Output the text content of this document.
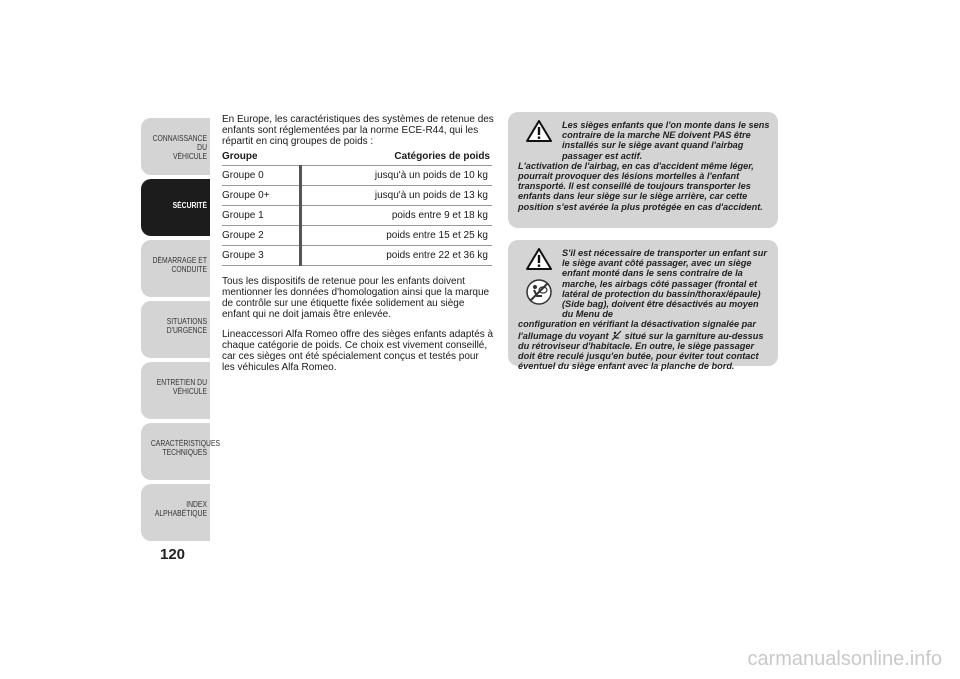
CONNAISSANCE DU
VÉHICULE
SÉCURITÉ
DÉMARRAGE ET
CONDUITE
SITUATIONS
D'URGENCE
ENTRETIEN DU
VÉHICULE
CARACTÉRISTIQUES
TECHNIQUES
INDEX
ALPHABÉTIQUE
120

En Europe, les caractéristiques des systèmes de retenue des enfants sont réglementées par la norme ECE-R44, qui les répartit en cinq groupes de poids :

Groupe	Catégories de poids
Groupe 0	jusqu'à un poids de 10 kg
Groupe 0+	jusqu'à un poids de 13 kg
Groupe 1	poids entre 9 et 18 kg
Groupe 2	poids entre 15 et 25 kg
Groupe 3	poids entre 22 et 36 kg

Tous les dispositifs de retenue pour les enfants doivent mentionner les données d'homologation ainsi que la marque de contrôle sur une étiquette fixée solidement au siège enfant qui ne doit jamais être enlevée.

Lineaccessori Alfa Romeo offre des sièges enfants adaptés à chaque catégorie de poids. Ce choix est vivement conseillé, car ces sièges ont été spécialement conçus et testés pour les véhicules Alfa Romeo.

Les sièges enfants que l'on monte dans le sens contraire de la marche NE doivent PAS être installés sur le siège avant quand l'airbag passager est actif.
L'activation de l'airbag, en cas d'accident même léger, pourrait provoquer des lésions mortelles à l'enfant transporté. Il est conseillé de toujours transporter les enfants dans leur siège sur le siège arrière, car cette position s'est avérée la plus protégée en cas d'accident.
S'il est nécessaire de transporter un enfant sur le siège avant côté passager, avec un siège enfant monté dans le sens contraire de la marche, les airbags côté passager (frontal et latéral de protection du bassin/thorax/épaule) (Side bag), doivent être désactivés au moyen du Menu de
configuration en vérifiant la désactivation signalée par l'allumage du voyant  situé sur la garniture au-dessus du rétroviseur d'habitacle. En outre, le siège passager doit être reculé jusqu'en butée, pour éviter tout contact éventuel du siège enfant avec la planche de bord.
carmanualsonline.info
